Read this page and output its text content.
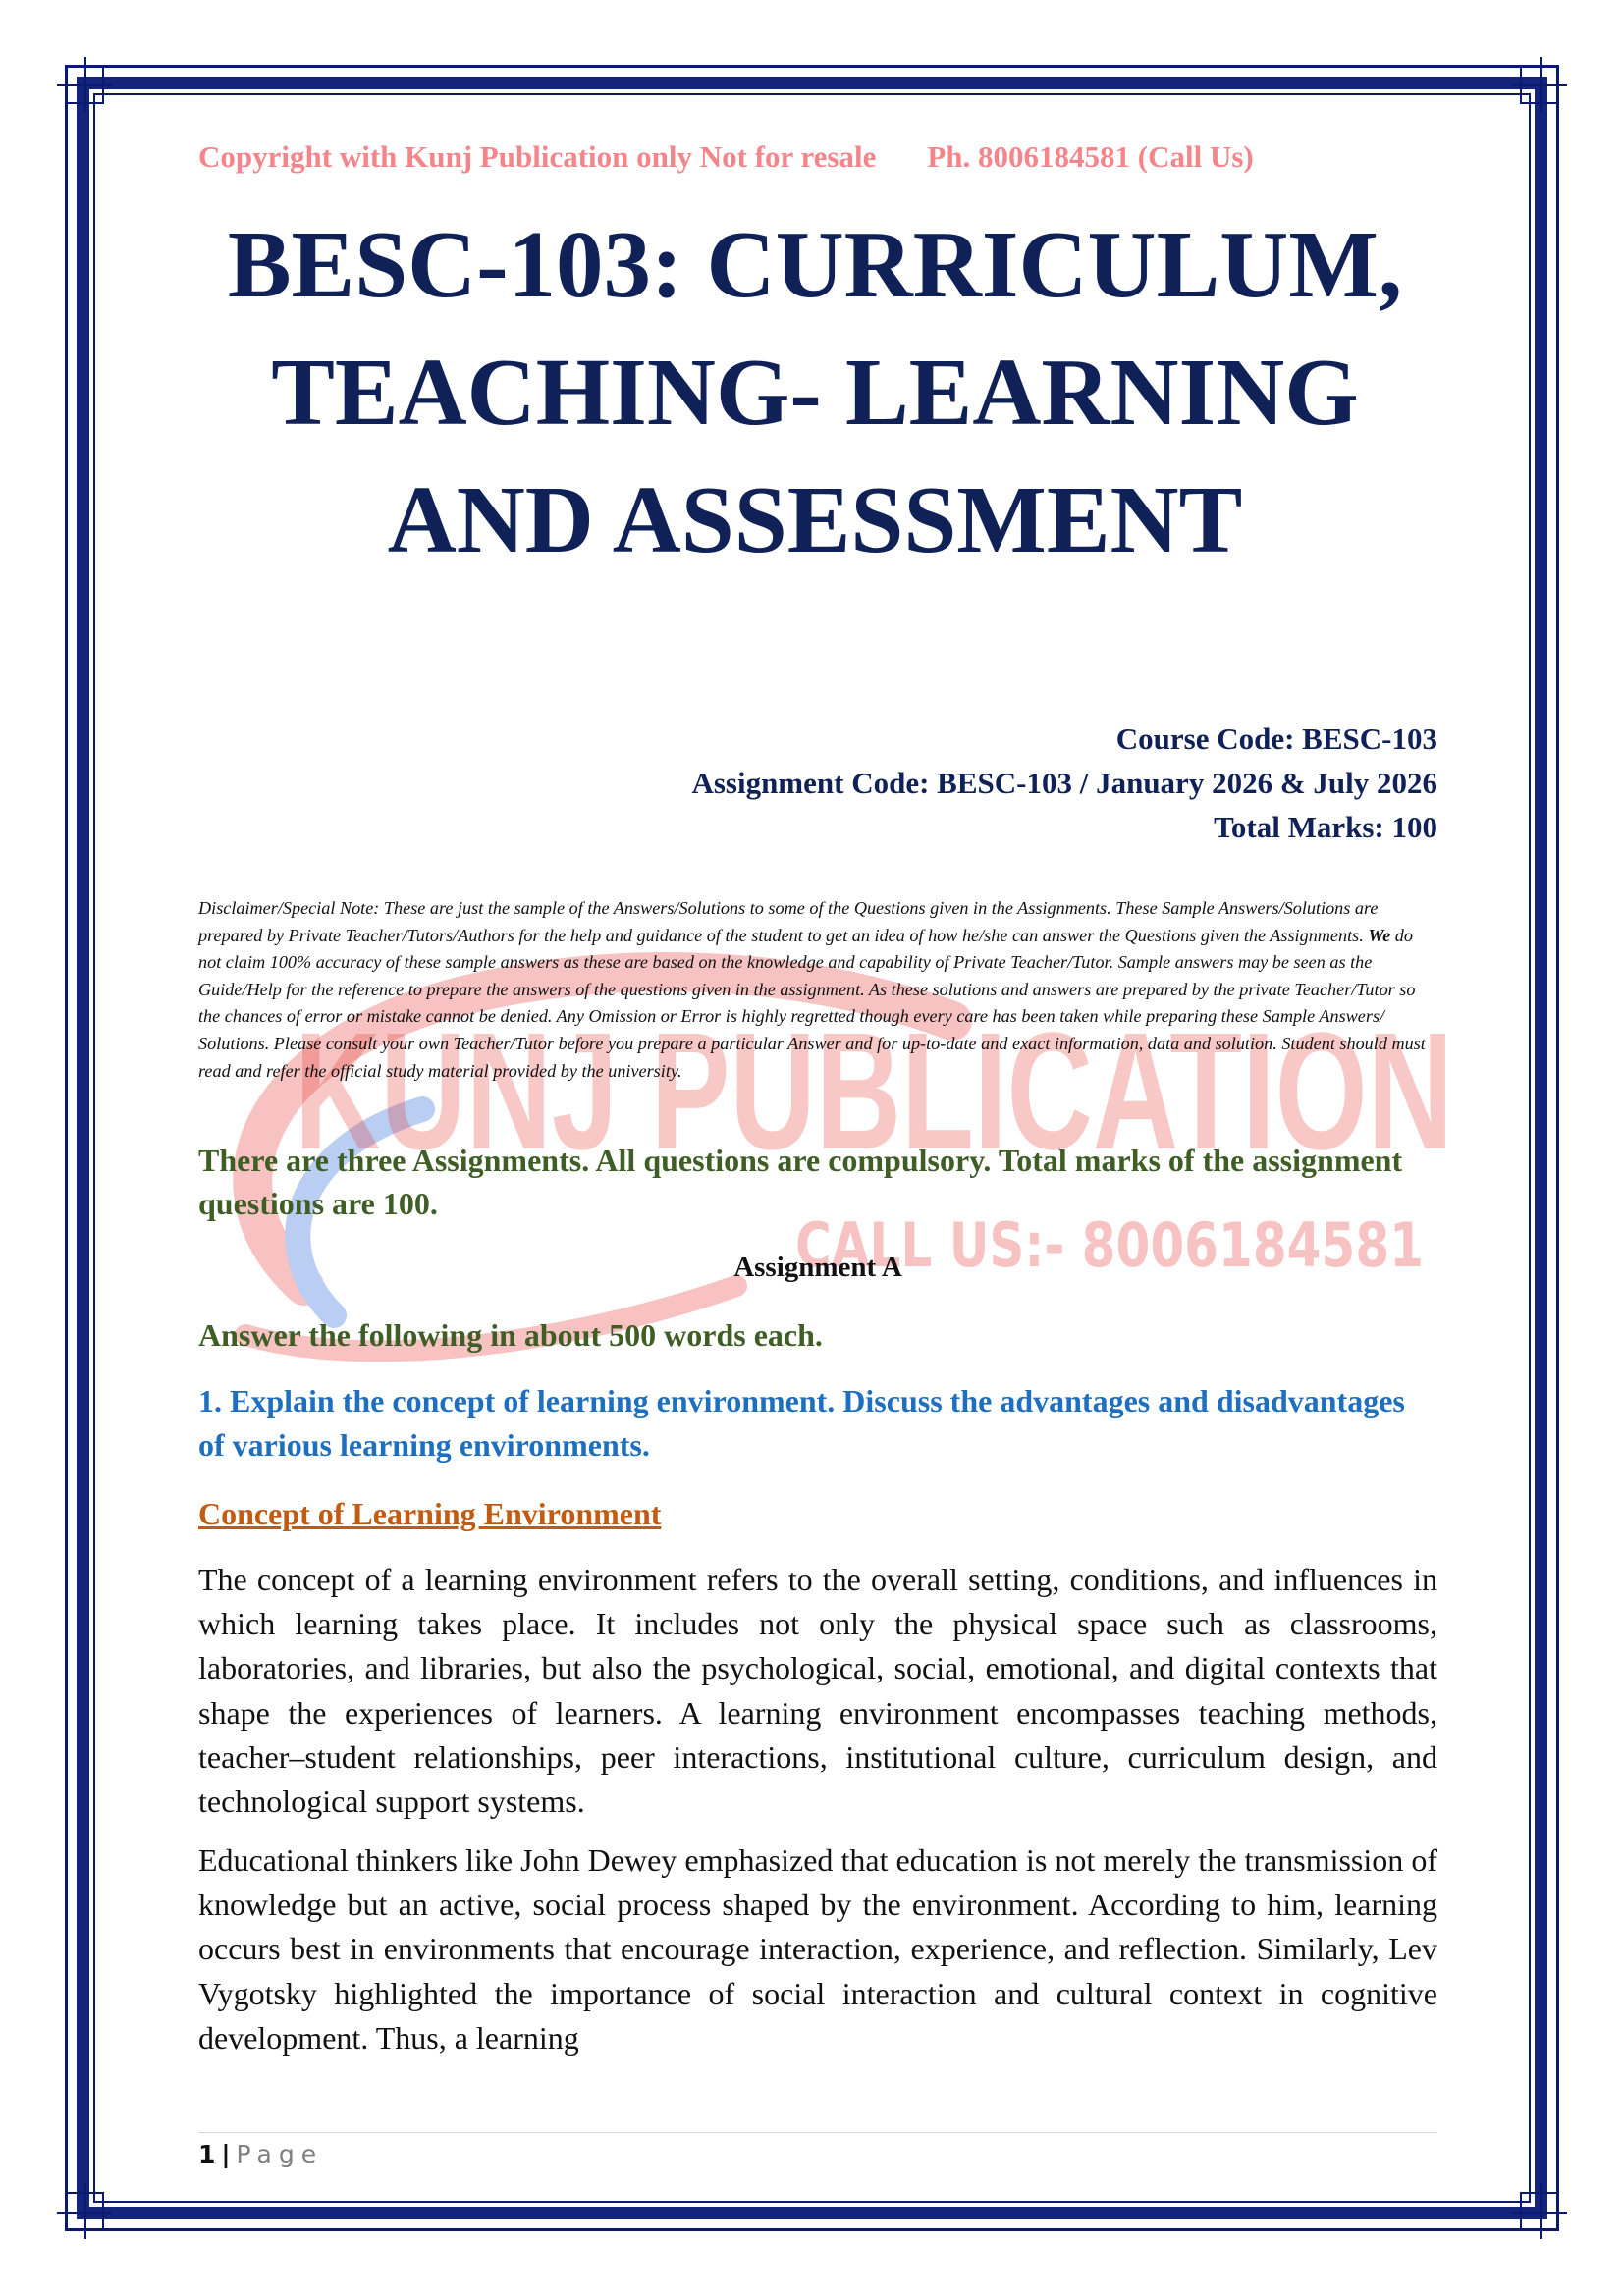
KUNJ PUBLICATION
CALL US:- 8006184581
Copyright with Kunj Publication only Not for resale Ph. 8006184581 (Call Us)
BESC-103: CURRICULUM,
TEACHING- LEARNING
AND ASSESSMENT
Course Code: BESC-103
Assignment Code: BESC-103 / January 2026 & July 2026
Total Marks: 100
Disclaimer/Special Note: These are just the sample of the Answers/Solutions to some of the Questions given in the Assignments. These Sample Answers/Solutions are prepared by Private Teacher/Tutors/Authors for the help and guidance of the student to get an idea of how he/she can answer the Questions given the Assignments. We do not claim 100% accuracy of these sample answers as these are based on the knowledge and capability of Private Teacher/Tutor. Sample answers may be seen as the Guide/Help for the reference to prepare the answers of the questions given in the assignment. As these solutions and answers are prepared by the private Teacher/Tutor so the chances of error or mistake cannot be denied. Any Omission or Error is highly regretted though every care has been taken while preparing these Sample Answers/ Solutions. Please consult your own Teacher/Tutor before you prepare a particular Answer and for up-to-date and exact information, data and solution. Student should must read and refer the official study material provided by the university.
There are three Assignments. All questions are compulsory. Total marks of the assignment questions are 100.
Assignment A
Answer the following in about 500 words each.
1. Explain the concept of learning environment. Discuss the advantages and disadvantages of various learning environments.
Concept of Learning Environment

The concept of a learning environment refers to the overall setting, conditions, and influences in which learning takes place. It includes not only the physical space such as classrooms, laboratories, and libraries, but also the psychological, social, emotional, and digital contexts that shape the experiences of learners. A learning environment encompasses teaching methods, teacher–student relationships, peer interactions, institutional culture, curriculum design, and technological support systems.

Educational thinkers like John Dewey emphasized that education is not merely the transmission of knowledge but an active, social process shaped by the environment. According to him, learning occurs best in environments that encourage interaction, experience, and reflection. Similarly, Lev Vygotsky highlighted the importance of social interaction and cultural context in cognitive development. Thus, a learning

1 | Page
